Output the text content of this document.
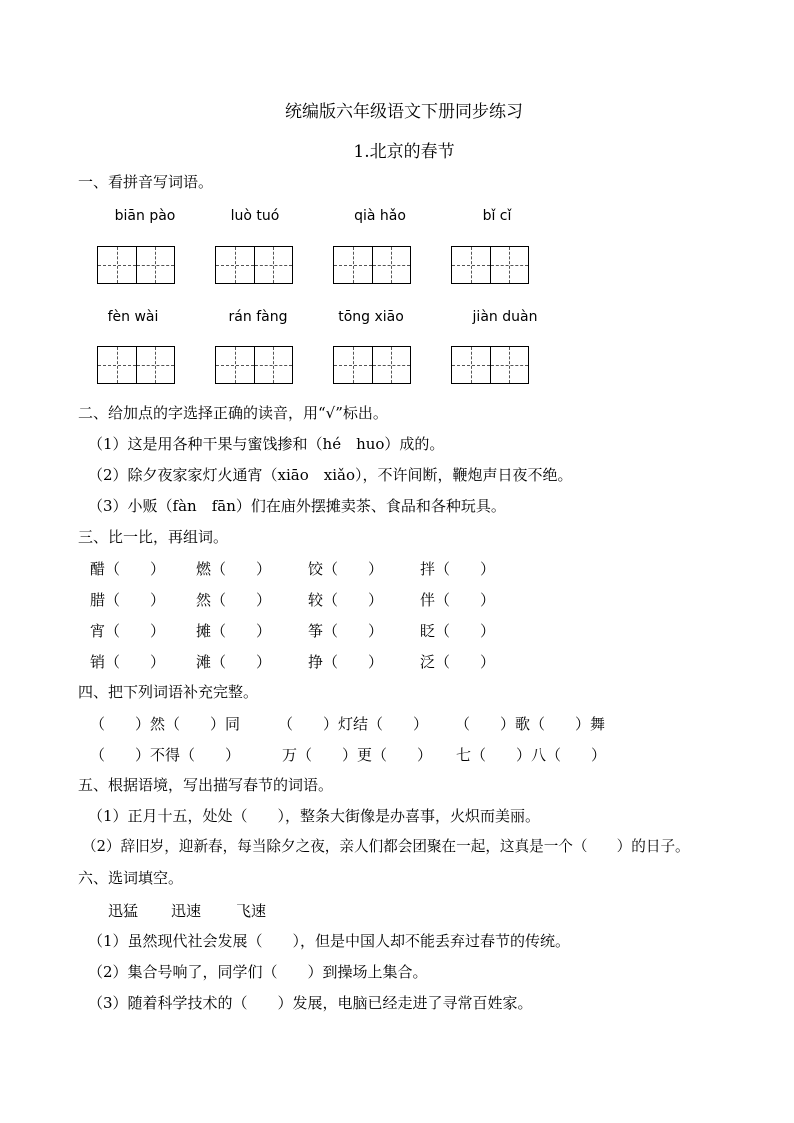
统编版六年级语文下册同步练习
1.北京的春节
一、看拼音写词语。
biān pào	luò tuó	qià hǎo	bǐ cǐ
fèn wài	rán fàng	tōng xiāo	jiàn duàn
二、给加点的字选择正确的读音，用“√”标出。
（1）这是用各种干果与蜜饯掺和（hé　huo）成的。
（2）除夕夜家家灯火通宵（xiāo　xiǎo），不许间断，鞭炮声日夜不绝。
（3）小贩（fàn　fān）们在庙外摆摊卖茶、食品和各种玩具。
三、比一比，再组词。
醋（　　） 燃（　　） 饺（　　） 拌（　　）
腊（　　） 然（　　） 较（　　） 伴（　　）
宵（　　） 摊（　　） 筝（　　） 眨（　　）
销（　　） 滩（　　） 挣（　　） 泛（　　）
四、把下列词语补充完整。
（　　）然（　　）同	（　　）灯结（　　） （　　）歌（　　）舞
（　　）不得（　　）	万（　　）更（　　） 七（　　）八（　　）
五、根据语境，写出描写春节的词语。
（1）正月十五，处处（　　），整条大街像是办喜事，火炽而美丽。
（2）辞旧岁，迎新春，每当除夕之夜，亲人们都会团聚在一起，这真是一个（　　）的日子。
六、选词填空。
迅猛 迅速 飞速
（1）虽然现代社会发展（　　），但是中国人却不能丢弃过春节的传统。
（2）集合号响了，同学们（　　）到操场上集合。
（3）随着科学技术的（　　）发展，电脑已经走进了寻常百姓家。
